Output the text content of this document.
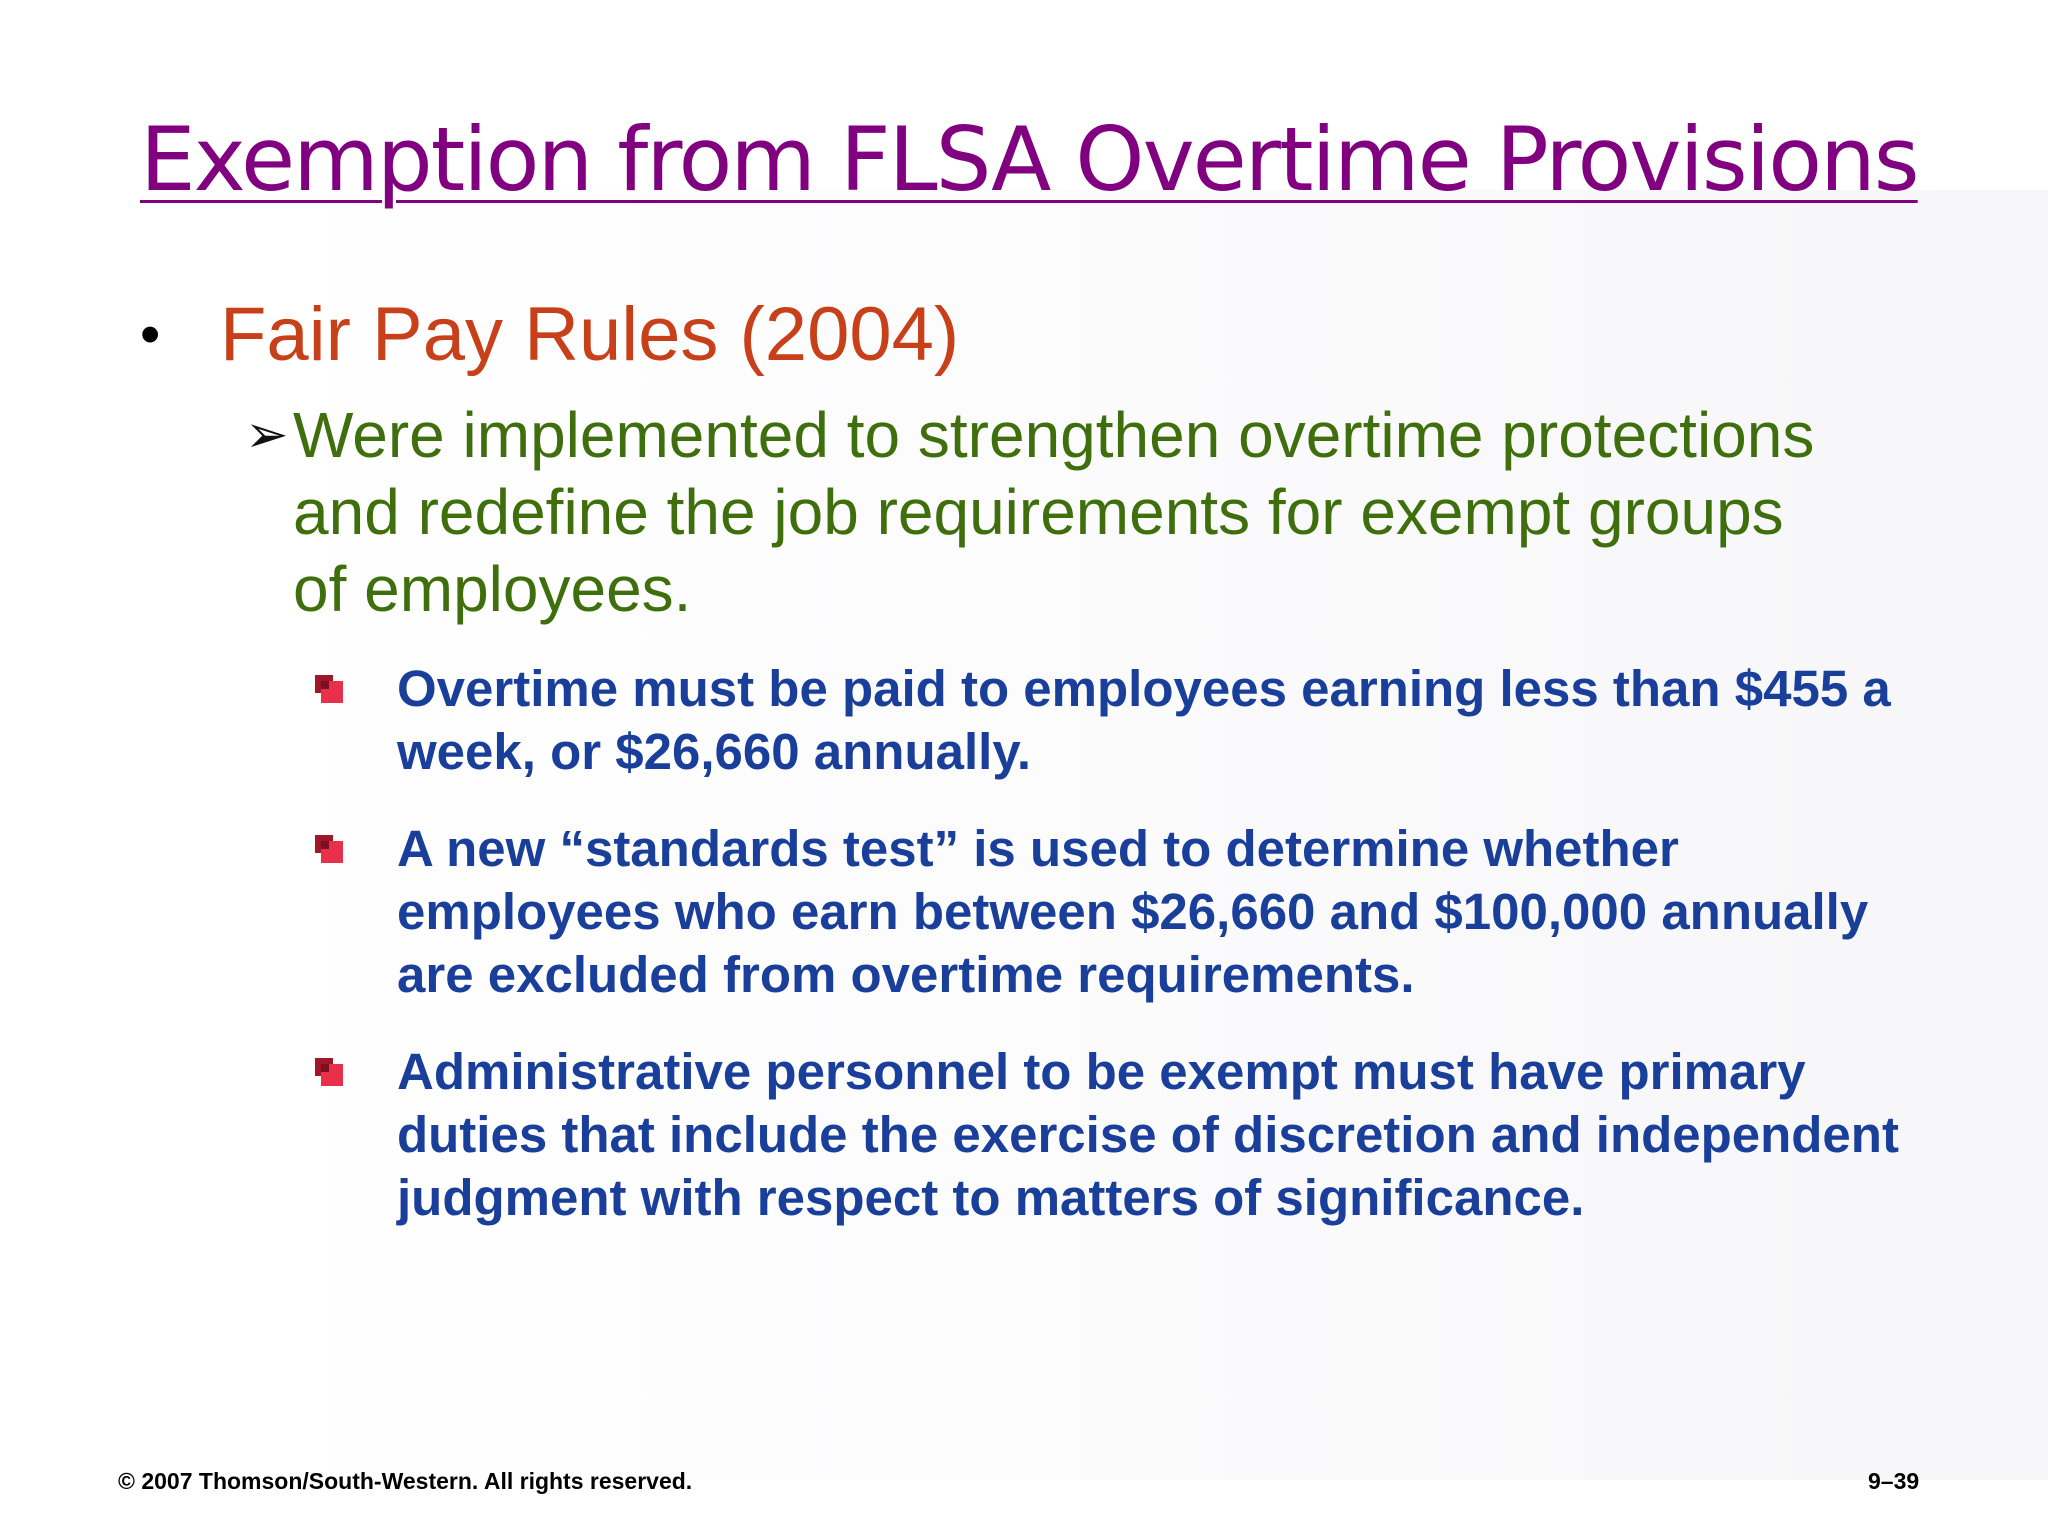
Exemption from FLSA Overtime Provisions
• Fair Pay Rules (2004)
➢ Were implemented to strengthen overtime protections and redefine the job requirements for exempt groups of employees.
Overtime must be paid to employees earning less than $455 a week, or $26,660 annually.
A new “standards test” is used to determine whether employees who earn between $26,660 and $100,000 annually are excluded from overtime requirements.
Administrative personnel to be exempt must have primary duties that include the exercise of discretion and independent judgment with respect to matters of significance.
© 2007 Thomson/South-Western. All rights reserved.	9–39
